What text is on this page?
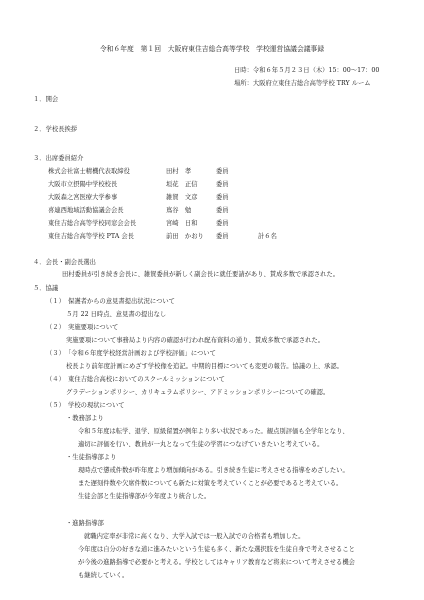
令和６年度　第１回　大阪府東住吉総合高等学校　学校運営協議会議事録
日時：令和６年５月２３日（木）15：00～17：00
場所：大阪府立東住吉総合高等学校 TRY ルーム
１．開会
２．学校長挨拶
３．出席委員紹介
株式会社富士精機代表取締役	田村　孝	委員
大阪市立摂陽中学校校長	垣花　正信	委員
大阪森之宮医療大学参事	雑賀　文彦	委員
喜連西地域活動協議会会長	嶌谷　勉	委員
東住吉総合高等学校同窓会会長	宮崎　日和	委員
東住吉総合高等学校 PTA 会長	前田　かおり 委員	計６名
４．会長・副会長選出
田村委員が引き続き会長に、雑賀委員が新しく副会長に就任要請があり、賛成多数で承認された。
５．協議
（１）　保護者からの意見書提出状況について
５月 22 日時点、意見書の提出なし
（２）　実施要項について
実施要項について事務局より内容の確認が行われ配布資料の通り、賛成多数で承認された。
（３）　「令和６年度学校経営計画および学校評価」について
校長より前年度計画にめざす学校像を追記。中期的目標についても変更の報告。協議の上、承認。
（４）　東住吉総合高校においてのスクールミッションについて
グラデーションポリシー、カリキュラムポリシー、アドミッションポリシーについての確認。
（５）　学校の現状について
・教務部より
令和５年度は転学、退学、原級留置が例年より多い状況であった。観点別評価も全学年となり、
適切に評価を行い、教員が一丸となって生徒の学習につなげていきたいと考えている。
・生徒指導部より
現時点で懲戒件数が昨年度より増加傾向がある。引き続き生徒に考えさせる指導をめざしたい。
また遅刻件数や欠席件数についても新たに対策を考えていくことが必要であると考えている。
生徒会部と生徒指導部が今年度より統合した。
・進路指導部
就職内定率が非常に高くなり、大学入試では一般入試での合格者も増加した。
今年度は自分の好きな道に進みたいという生徒も多く、新たな選択肢を生徒自身で考えさせること
が今後の進路指導で必要かと考える。学校としてはキャリア教育など将来について考えさせる機会
も継続していく。
